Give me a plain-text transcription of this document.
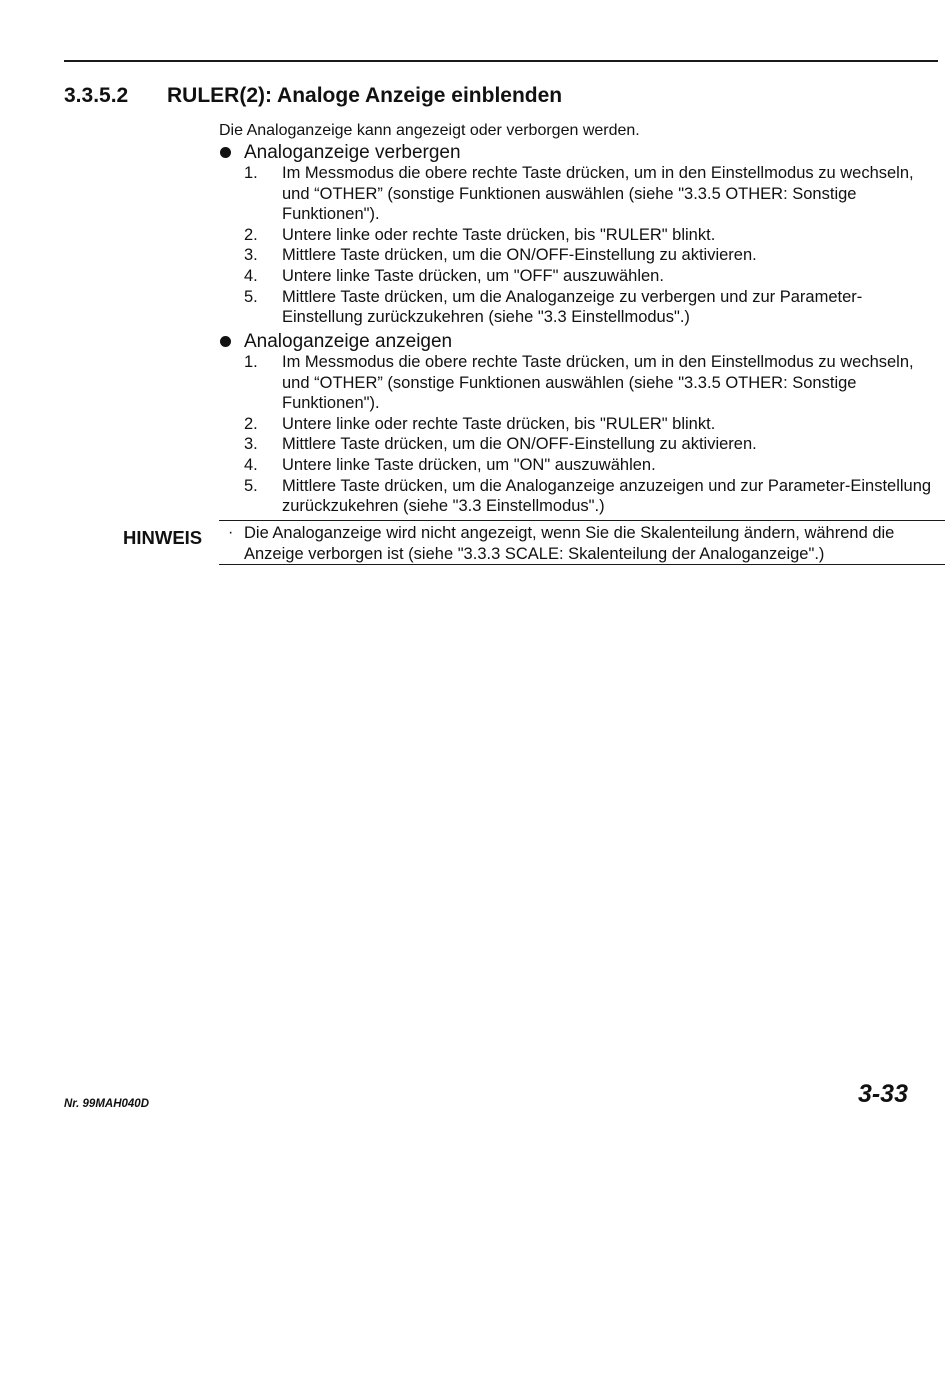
3.3.5.2 RULER(2): Analoge Anzeige einblenden
Die Analoganzeige kann angezeigt oder verborgen werden.
Analoganzeige verbergen
1. Im Messmodus die obere rechte Taste drücken, um in den Einstellmodus zu wechseln, und “OTHER” (sonstige Funktionen auswählen (siehe "3.3.5 OTHER: Sonstige Funktionen").
2. Untere linke oder rechte Taste drücken, bis "RULER" blinkt.
3. Mittlere Taste drücken, um die ON/OFF-Einstellung zu aktivieren.
4. Untere linke Taste drücken, um "OFF" auszuwählen.
5. Mittlere Taste drücken, um die Analoganzeige zu verbergen und zur Parameter-Einstellung zurückzukehren (siehe "3.3 Einstellmodus".)
Analoganzeige anzeigen
1. Im Messmodus die obere rechte Taste drücken, um in den Einstellmodus zu wechseln, und “OTHER” (sonstige Funktionen auswählen (siehe "3.3.5 OTHER: Sonstige Funktionen").
2. Untere linke oder rechte Taste drücken, bis "RULER" blinkt.
3. Mittlere Taste drücken, um die ON/OFF-Einstellung zu aktivieren.
4. Untere linke Taste drücken, um "ON" auszuwählen.
5. Mittlere Taste drücken, um die Analoganzeige anzuzeigen und zur Parameter-Einstellung zurückzukehren (siehe "3.3 Einstellmodus".)
HINWEIS · Die Analoganzeige wird nicht angezeigt, wenn Sie die Skalenteilung ändern, während die Anzeige verborgen ist (siehe "3.3.3 SCALE: Skalenteilung der Analoganzeige".)
Nr. 99MAH040D	3-33
